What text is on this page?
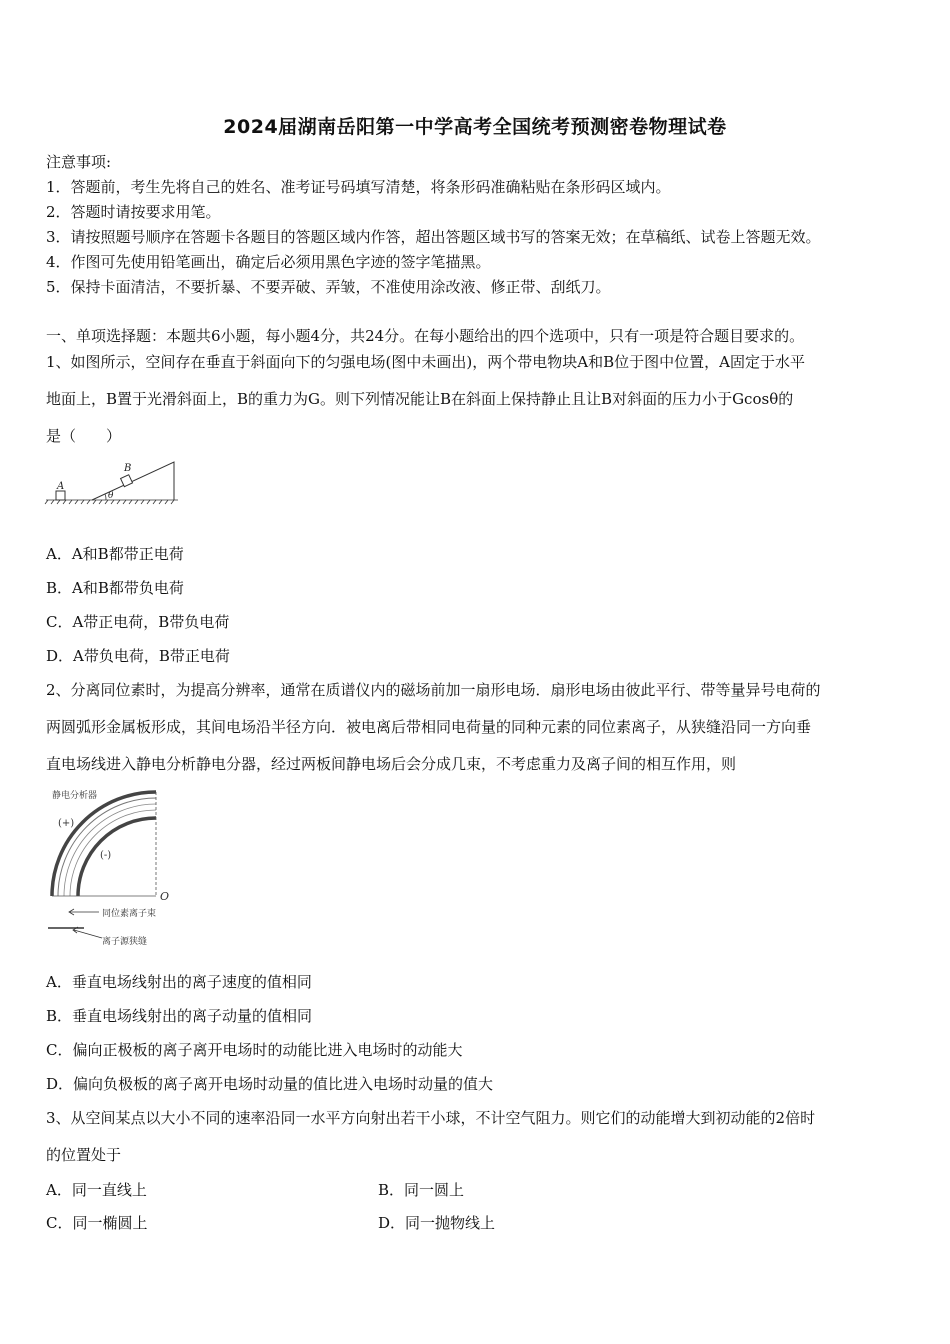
2024届湖南岳阳第一中学高考全国统考预测密卷物理试卷
注意事项:
1．答题前，考生先将自己的姓名、准考证号码填写清楚，将条形码准确粘贴在条形码区域内。
2．答题时请按要求用笔。
3．请按照题号顺序在答题卡各题目的答题区域内作答，超出答题区域书写的答案无效；在草稿纸、试卷上答题无效。
4．作图可先使用铅笔画出，确定后必须用黑色字迹的签字笔描黑。
5．保持卡面清洁，不要折暴、不要弄破、弄皱，不准使用涂改液、修正带、刮纸刀。
一、单项选择题：本题共6小题，每小题4分，共24分。在每小题给出的四个选项中，只有一项是符合题目要求的。
1、如图所示，空间存在垂直于斜面向下的匀强电场(图中未画出)，两个带电物块A和B位于图中位置，A固定于水平
地面上，B置于光滑斜面上，B的重力为G。则下列情况能让B在斜面上保持静止且让B对斜面的压力小于Gcosθ的
是（　　）
A
B
θ
A．A和B都带正电荷
B．A和B都带负电荷
C．A带正电荷，B带负电荷
D．A带负电荷，B带正电荷
2、分离同位素时，为提高分辨率，通常在质谱仪内的磁场前加一扇形电场．扇形电场由彼此平行、带等量异号电荷的
两圆弧形金属板形成，其间电场沿半径方向．被电离后带相同电荷量的同种元素的同位素离子，从狭缝沿同一方向垂
直电场线进入静电分析静电分器，经过两板间静电场后会分成几束，不考虑重力及离子间的相互作用，则
静电分析器
(+)
(-)
O
同位素离子束
离子源狭缝
A．垂直电场线射出的离子速度的值相同
B．垂直电场线射出的离子动量的值相同
C．偏向正极板的离子离开电场时的动能比进入电场时的动能大
D．偏向负极板的离子离开电场时动量的值比进入电场时动量的值大
3、从空间某点以大小不同的速率沿同一水平方向射出若干小球，不计空气阻力。则它们的动能增大到初动能的2倍时
的位置处于
A．同一直线上	B．同一圆上
C．同一椭圆上	D．同一抛物线上
